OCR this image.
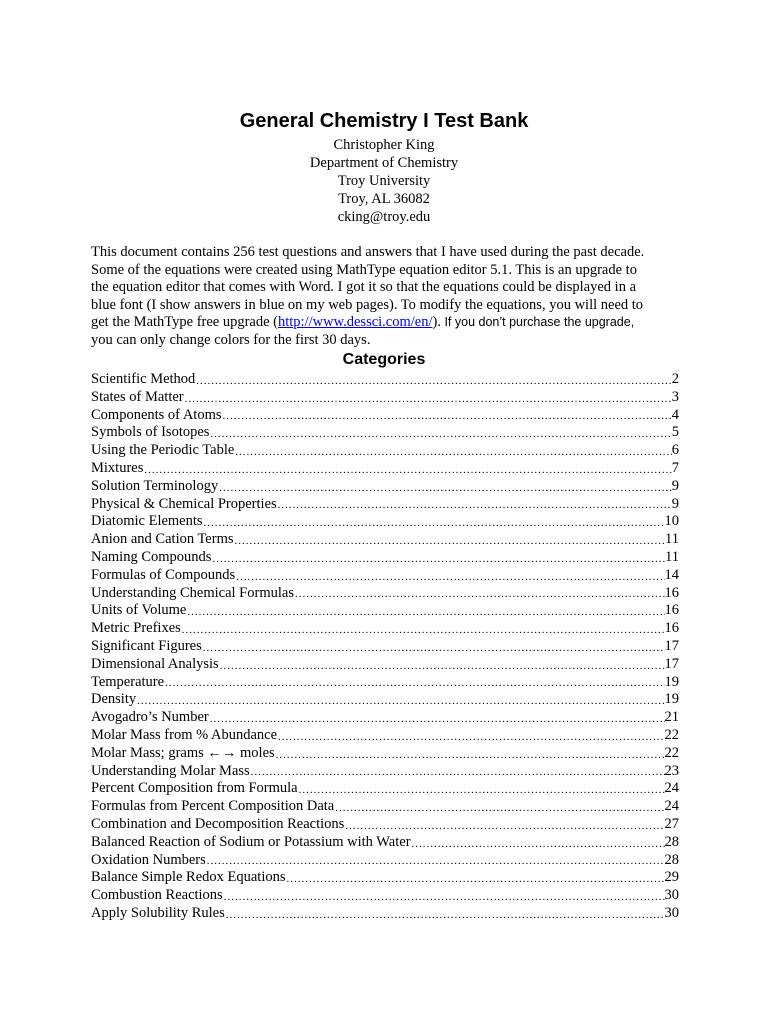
General Chemistry I Test Bank
Christopher King
Department of Chemistry
Troy University
Troy, AL 36082
cking@troy.edu
This document contains 256 test questions and answers that I have used during the past decade.
Some of the equations were created using MathType equation editor 5.1. This is an upgrade to
the equation editor that comes with Word. I got it so that the equations could be displayed in a
blue font (I show answers in blue on my web pages). To modify the equations, you will need to
get the MathType free upgrade (http://www.dessci.com/en/). If you don’t purchase the upgrade,
you can only change colors for the first 30 days.
Categories
Scientific Method .....	2
States of Matter .....	3
Components of Atoms .....	4
Symbols of Isotopes .....	5
Using the Periodic Table .....	6
Mixtures .....	7
Solution Terminology .....	9
Physical & Chemical Properties .....	9
Diatomic Elements .....	10
Anion and Cation Terms .....	11
Naming Compounds .....	11
Formulas of Compounds .....	14
Understanding Chemical Formulas .....	16
Units of Volume .....	16
Metric Prefixes .....	16
Significant Figures .....	17
Dimensional Analysis .....	17
Temperature .....	19
Density .....	19
Avogadro’s Number .....	21
Molar Mass from % Abundance .....	22
Molar Mass; grams ←→ moles .....	22
Understanding Molar Mass .....	23
Percent Composition from Formula .....	24
Formulas from Percent Composition Data .....	24
Combination and Decomposition Reactions .....	27
Balanced Reaction of Sodium or Potassium with Water .....	28
Oxidation Numbers .....	28
Balance Simple Redox Equations .....	29
Combustion Reactions .....	30
Apply Solubility Rules .....	30
